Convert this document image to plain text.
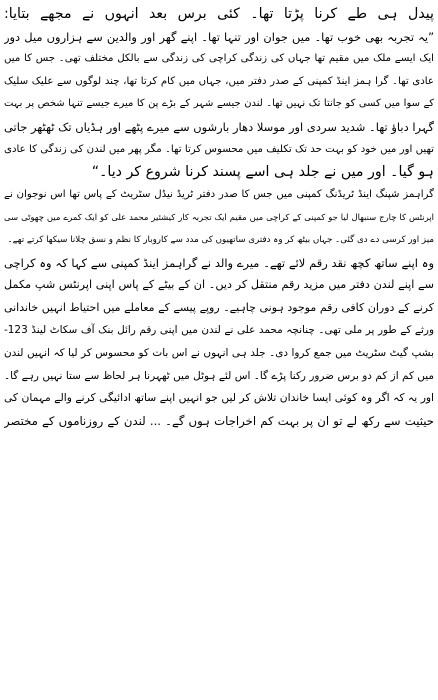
پیدل ہی طے کرنا پڑتا تھا۔ کئی برس بعد انہوں نے مجھے بتایا:
”یہ تجربہ بھی خوب تھا۔ میں جوان اور تنہا تھا۔ اپنے گھر اور والدین سے ہزاروں میل دور
ایک ایسے ملک میں مقیم تھا جہاں کی زندگی کراچی کی زندگی سے بالکل مختلف تھی۔ جس کا میں
عادی تھا۔ گرا ہمز اینڈ کمپنی کے صدر دفتر میں، جہاں میں کام کرتا تھا، چند لوگوں سے علیک سلیک
کے سوا میں کسی کو جانتا تک نہیں تھا۔ لندن جیسے شہر کے بڑے پن کا میرے جیسے تنہا شخص پر بہت
گہرا دباؤ تھا۔ شدید سردی اور موسلا دھار بارشوں سے میرے پٹھے اور ہڈیاں تک ٹھٹھر جاتی
تھیں اور میں خود کو بہت حد تک تکلیف میں محسوس کرتا تھا۔ مگر پھر میں لندن کی زندگی کا عادی
ہو گیا۔ اور میں نے جلد ہی اسے پسند کرنا شروع کر دیا۔“
گراہمز شپنگ اینڈ ٹریڈنگ کمپنی میں جس کا صدر دفتر ٹریڈ نیڈل سٹریٹ کے پاس تھا اس نوجوان نے
اپرنٹس کا چارج سنبھال لیا جو کمپنی کے کراچی میں مقیم ایک تجربہ کار کیشئیر محمد علی کو ایک کمرے میں چھوٹی سی
میز اور کرسی دے دی گئی۔ جہاں بیٹھ کر وہ دفتری ساتھیوں کی مدد سے کاروبار کا نظم و نسق چلانا سیکھا کرتے تھے۔
وہ اپنے ساتھ کچھ نقد رقم لائے تھے۔ میرے والد نے گراہمز اینڈ کمپنی سے کہا کہ وہ کراچی
سے اپنے لندن دفتر میں مزید رقم منتقل کر دیں۔ ان کے بیٹے کے پاس اپنی اپرنٹس شپ مکمل
کرنے کے دوران کافی رقم موجود ہونی چاہیے۔ روپے پیسے کے معاملے میں احتیاط انہیں خاندانی
ورثے کے طور پر ملی تھی۔ چنانچہ محمد علی نے لندن میں اپنی رقم رائل بنک آف سکاٹ لینڈ 123-
بشپ گیٹ سٹریٹ میں جمع کروا دی۔ جلد ہی انہوں نے اس بات کو محسوس کر لیا کہ انہیں لندن
میں کم از کم دو برس ضرور رکنا پڑے گا۔ اس لئے ہوٹل میں ٹھہرنا ہر لحاظ سے ستا نہیں رہے گا۔
اور یہ کہ اگر وہ کوئی ایسا خاندان تلاش کر لیں جو انہیں اپنے ساتھ ادائیگی کرنے والے مہمان کی
حیثیت سے رکھ لے تو ان پر بہت کم اخراجات ہوں گے۔ ... لندن کے روزناموں کے مختصر
